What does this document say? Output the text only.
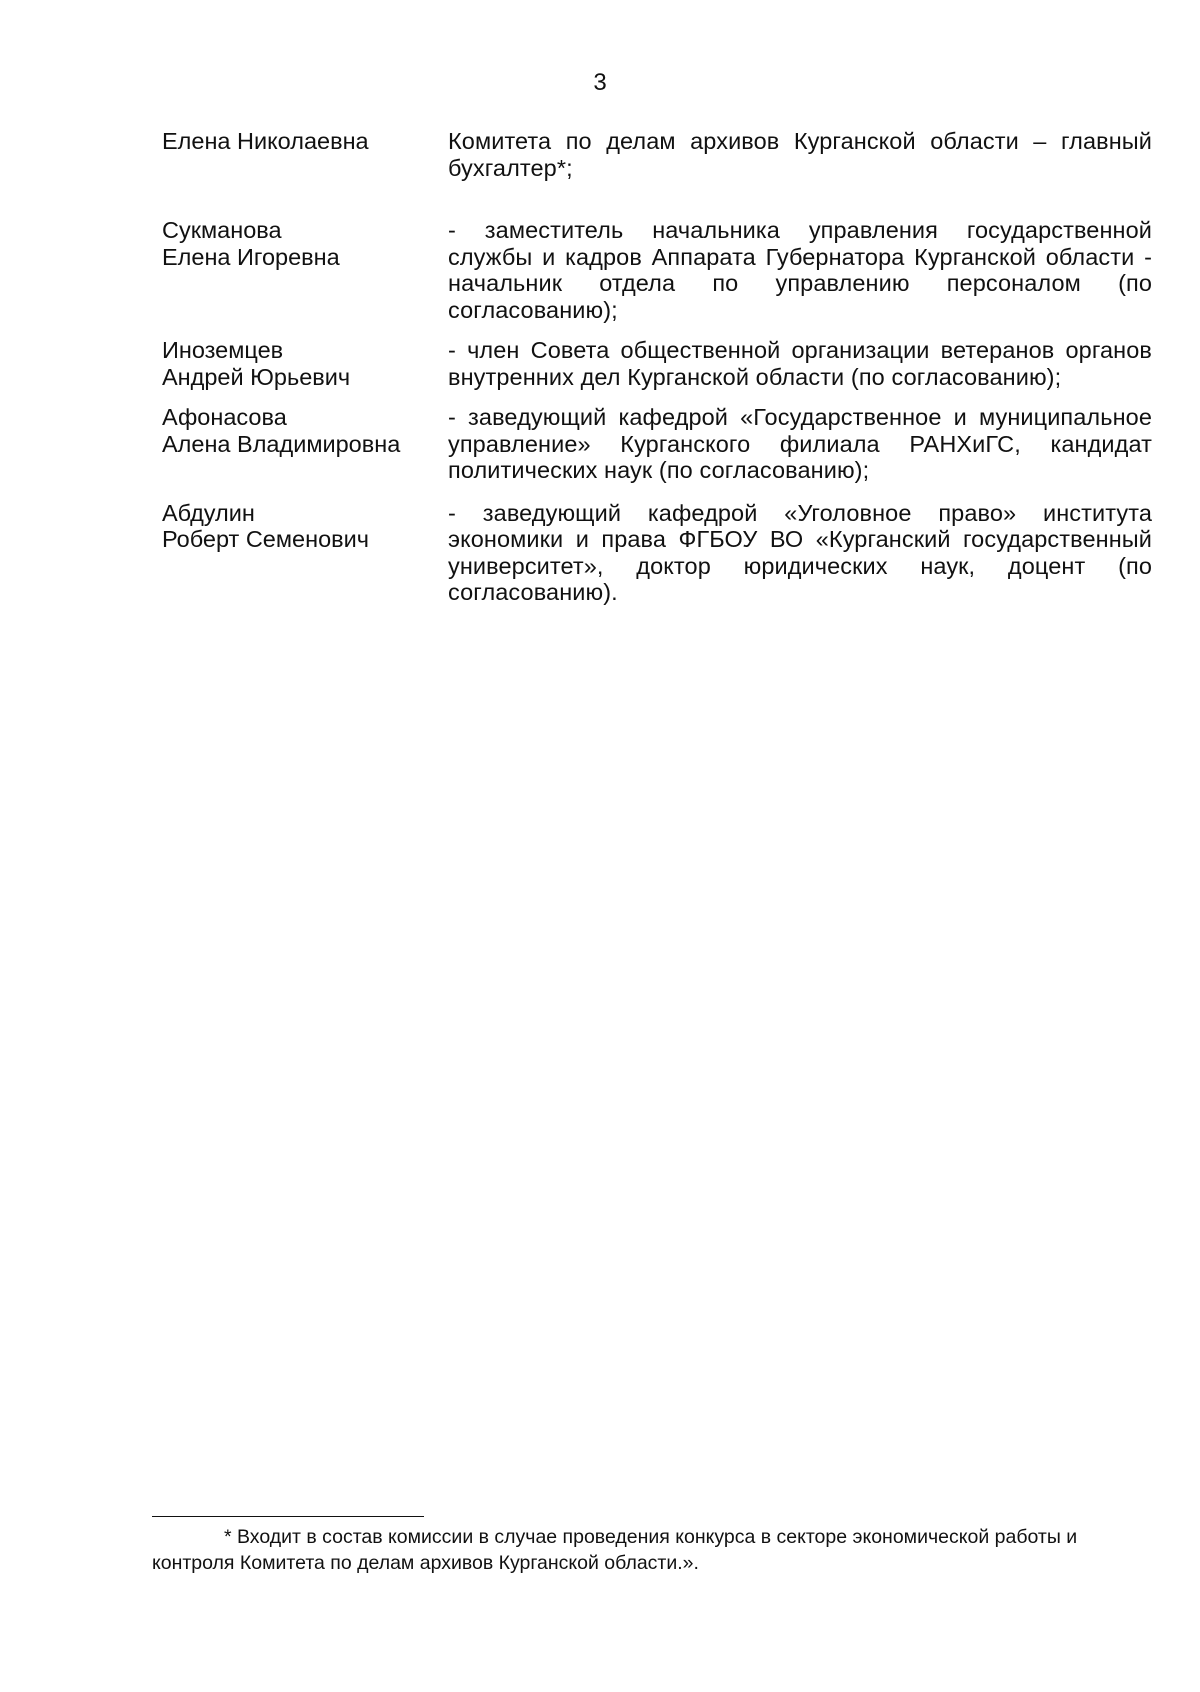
3
Елена Николаевна	Комитета по делам архивов Курганской области – главный бухгалтер*;
Сукманова
Елена Игоревна
- заместитель начальника управления государственной службы и кадров Аппарата Губернатора Курганской области - начальник отдела по управлению персоналом (по согласованию);
Иноземцев
Андрей Юрьевич
- член Совета общественной организации ветеранов органов внутренних дел Курганской области (по согласованию);
Афонасова
Алена Владимировна
- заведующий кафедрой «Государственное и муниципальное управление» Курганского филиала РАНХиГС, кандидат политических наук (по согласованию);
Абдулин
Роберт Семенович
- заведующий кафедрой «Уголовное право» института экономики и права ФГБОУ ВО «Курганский государственный университет», доктор юридических наук, доцент (по согласованию).
* Входит в состав комиссии в случае проведения конкурса в секторе экономической работы и контроля Комитета по делам архивов Курганской области.».
